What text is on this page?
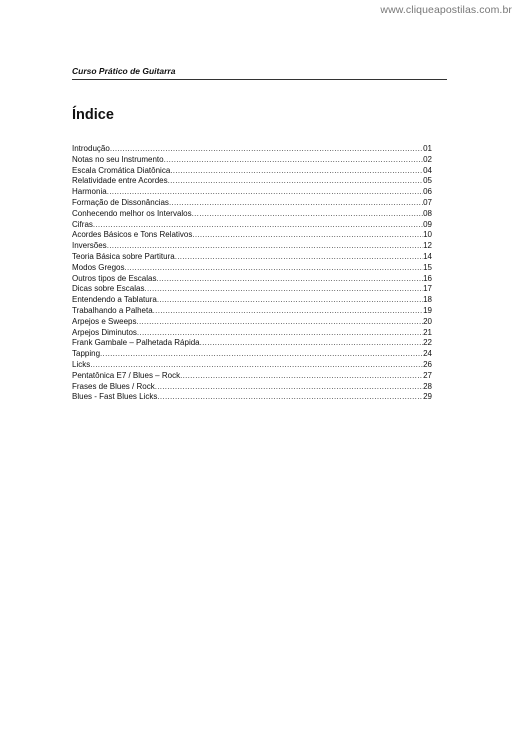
www.cliqueapostilas.com.br
Curso Prático de Guitarra
Índice
Introdução .....	01
Notas no seu Instrumento .....	02
Escala Cromática Diatônica .....	04
Relatividade entre Acordes .....	05
Harmonia .....	06
Formação de Dissonâncias .....	07
Conhecendo melhor os Intervalos .....	08
Cifras .....	09
Acordes Básicos e Tons Relativos .....	10
Inversões .....	12
Teoria Básica sobre Partitura .....	14
Modos Gregos .....	15
Outros tipos de Escalas .....	16
Dicas sobre Escalas .....	17
Entendendo a Tablatura .....	18
Trabalhando a Palheta .....	19
Arpejos e Sweeps .....	20
Arpejos Diminutos .....	21
Frank Gambale – Palhetada Rápida .....	22
Tapping .....	24
Licks .....	26
Pentatônica E7 / Blues – Rock .....	27
Frases de Blues / Rock .....	28
Blues - Fast Blues Licks .....	29
